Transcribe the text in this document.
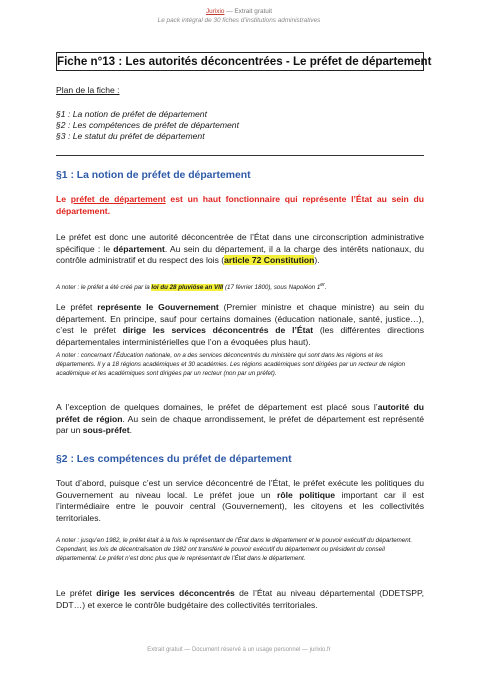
Jurixio — Extrait gratuit
Le pack intégral de 30 fiches d’institutions administratives
Fiche n°13 : Les autorités déconcentrées - Le préfet de département
Plan de la fiche :
§1 : La notion de préfet de département
§2 : Les compétences de préfet de département
§3 : Le statut du préfet de département
§1 : La notion de préfet de département
Le préfet de département est un haut fonctionnaire qui représente l’État au sein du département.
Le préfet est donc une autorité déconcentrée de l’État dans une circonscription administrative spécifique : le département. Au sein du département, il a la charge des intérêts nationaux, du contrôle administratif et du respect des lois (article 72 Constitution).
A noter : le préfet a été créé par la loi du 28 pluviôse an VIII (17 février 1800), sous Napoléon 1er.
Le préfet représente le Gouvernement (Premier ministre et chaque ministre) au sein du département. En principe, sauf pour certains domaines (éducation nationale, santé, justice…), c’est le préfet dirige les services déconcentrés de l’État (les différentes directions départementales interministérielles que l’on a évoquées plus haut).
A noter : concernant l’Éducation nationale, on a des services déconcentrés du ministère qui sont dans les régions et les départements. Il y a 18 régions académiques et 30 académies. Les régions académiques sont dirigées par un recteur de région académique et les académiques sont dirigées par un recteur (non par un préfet).
A l’exception de quelques domaines, le préfet de département est placé sous l’autorité du préfet de région. Au sein de chaque arrondissement, le préfet de département est représenté par un sous-préfet.
§2 : Les compétences du préfet de département
Tout d’abord, puisque c’est un service déconcentré de l’État, le préfet exécute les politiques du Gouvernement au niveau local. Le préfet joue un rôle politique important car il est l’intermédiaire entre le pouvoir central (Gouvernement), les citoyens et les collectivités territoriales.
A noter : jusqu’en 1982, le préfet était à la fois le représentant de l’État dans le département et le pouvoir exécutif du département. Cependant, les lois de décentralisation de 1982 ont transféré le pouvoir exécutif du département ou président du conseil départemental. Le préfet n’est donc plus que le représentant de l’État dans le département.
Le préfet dirige les services déconcentrés de l’État au niveau départemental (DDETSPP, DDT…) et exerce le contrôle budgétaire des collectivités territoriales.
Extrait gratuit — Document réservé à un usage personnel — jurixio.fr
